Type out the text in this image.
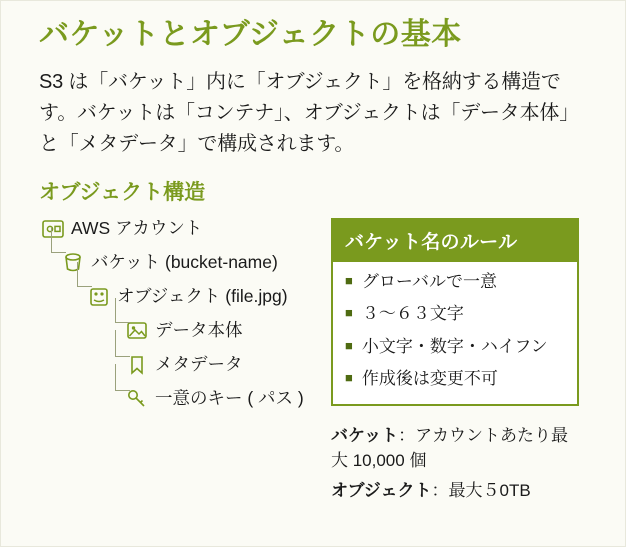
バケットとオブジェクトの基本

S3 は「バケット」内に「オブジェクト」を格納する構造です。バケットは「コンテナ」、オブジェクトは「データ本体」と「メタデータ」で構成されます。

オブジェクト構造
AWS アカウント
バケット (bucket-name)
オブジェクト (file.jpg)
データ本体
メタデータ
一意のキー ( パス )
バケット名のルール
■ グローバルで一意
■ ３〜６３文字
■ 小文字・数字・ハイフン
■ 作成後は変更不可
バケット：アカウントあたり最大 10,000 個
オブジェクト：最大５0TB
